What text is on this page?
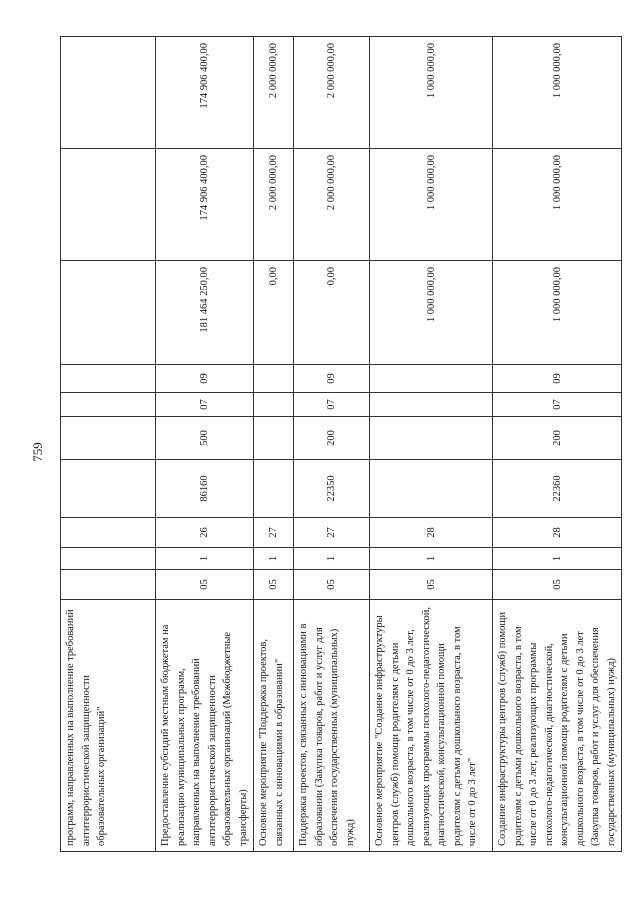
759
программ, направленных на выполнение требований антитеррористической защищенности образовательных организаций"										
Предоставление субсидий местным бюджетам на реализацию муниципальных программ, направленных на выполнение требований антитеррористической защищенности образовательных организаций (Межбюджетные трансферты)	05	1	26	86160	500	07	09	181 464 250,00	174 906 400,00	174 906 400,00
Основное мероприятие "Поддержка проектов, связанных с инновациями в образовании"	05	1	27					0,00	2 000 000,00	2 000 000,00
Поддержка проектов, связанных с инновациями в образовании (Закупка товаров, работ и услуг для обеспечения государственных (муниципальных) нужд)	05	1	27	22350	200	07	09	0,00	2 000 000,00	2 000 000,00
Основное мероприятие "Создание инфраструктуры центров (служб) помощи родителям с детьми дошкольного возраста, в том числе от 0 до 3 лет, реализующих программы психолого-педагогической, диагностической, консультационной помощи родителям с детьми дошкольного возраста, в том числе от 0 до 3 лет"	05	1	28					1 000 000,00	1 000 000,00	1 000 000,00
Создание инфраструктуры центров (служб) помощи родителям с детьми дошкольного возраста, в том числе от 0 до 3 лет, реализующих программы психолого-педагогической, диагностической, консультационной помощи родителям с детьми дошкольного возраста, в том числе от 0 до 3 лет (Закупка товаров, работ и услуг для обеспечения государственных (муниципальных) нужд)	05	1	28	22360	200	07	09	1 000 000,00	1 000 000,00	1 000 000,00
